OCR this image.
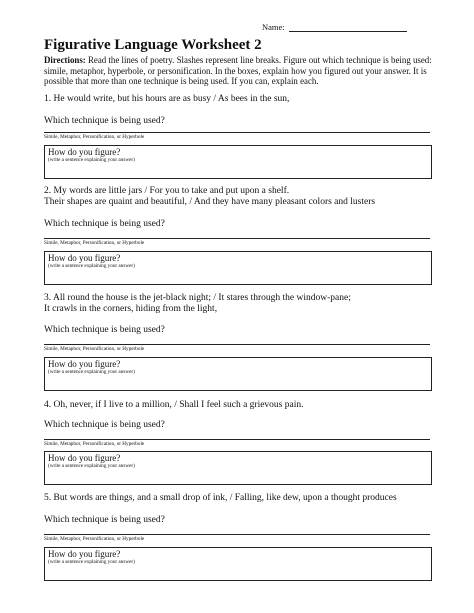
Name:
Figurative Language Worksheet 2
Directions: Read the lines of poetry. Slashes represent line breaks. Figure out which technique is being used: simile, metaphor, hyperbole, or personification. In the boxes, explain how you figured out your answer. It is possible that more than one technique is being used. If you can, explain each.
1. He would write, but his hours are as busy / As bees in the sun,
Which technique is being used?
Simile, Metaphor, Personification, or Hyperbole
How do you figure?
(write a sentence explaining your answer)
2. My words are little jars / For you to take and put upon a shelf.
Their shapes are quaint and beautiful, / And they have many pleasant colors and lusters
Which technique is being used?
Simile, Metaphor, Personification, or Hyperbole
How do you figure?
(write a sentence explaining your answer)
3. All round the house is the jet-black night; / It stares through the window-pane;
It crawls in the corners, hiding from the light,
Which technique is being used?
Simile, Metaphor, Personification, or Hyperbole
How do you figure?
(write a sentence explaining your answer)
4. Oh, never, if I live to a million, / Shall I feel such a grievous pain.
Which technique is being used?
Simile, Metaphor, Personification, or Hyperbole
How do you figure?
(write a sentence explaining your answer)
5. But words are things, and a small drop of ink, / Falling, like dew, upon a thought produces
Which technique is being used?
Simile, Metaphor, Personification, or Hyperbole
How do you figure?
(write a sentence explaining your answer)
